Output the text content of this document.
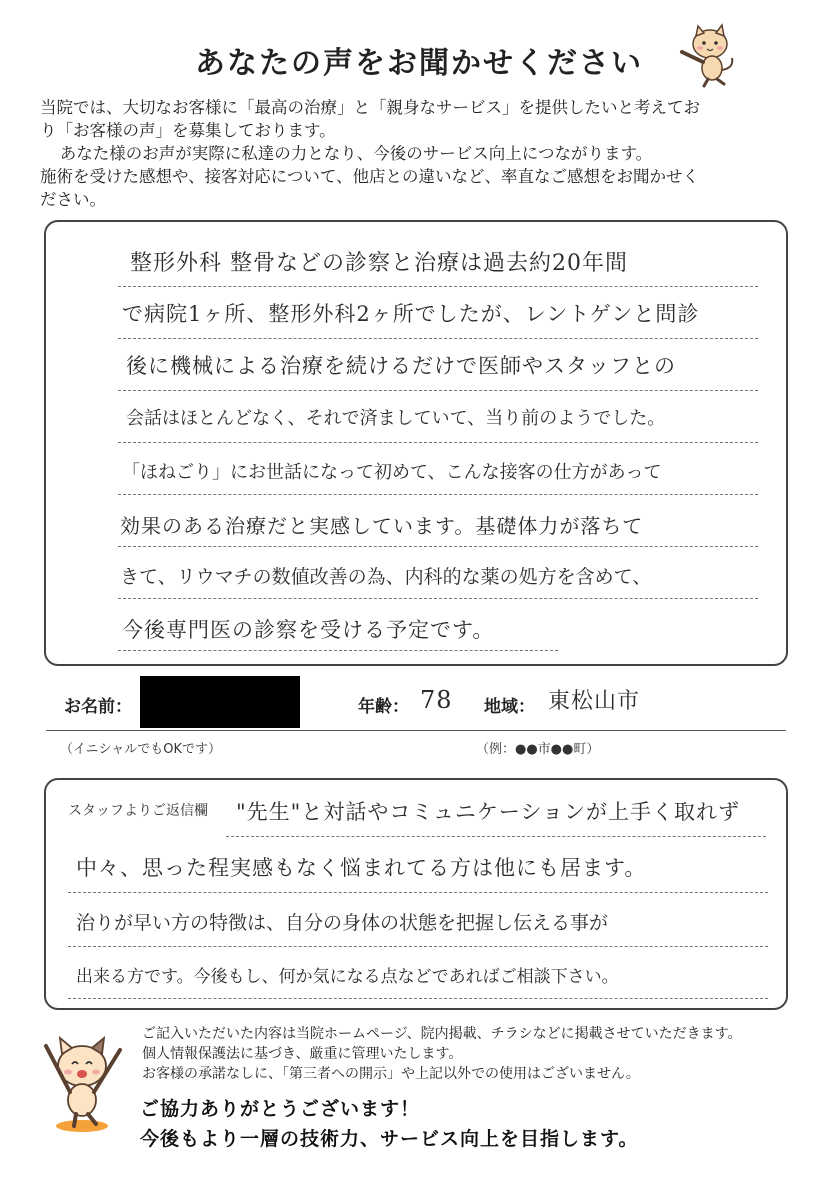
あなたの声をお聞かせください

当院では、大切なお客様に「最高の治療」と「親身なサービス」を提供したいと考えてお

り「お客様の声」を募集しております。

あなた様のお声が実際に私達の力となり、今後のサービス向上につながります。

施術を受けた感想や、接客対応について、他店との違いなど、率直なご感想をお聞かせく

ださい。

整形外科 整骨などの診察と治療は過去約20年間
で病院1ヶ所、整形外科2ヶ所でしたが、レントゲンと問診
後に機械による治療を続けるだけで医師やスタッフとの
会話はほとんどなく、それで済ましていて、当り前のようでした。
「ほねごり」にお世話になって初めて、こんな接客の仕方があって
効果のある治療だと実感しています。基礎体力が落ちて
きて、リウマチの数値改善の為、内科的な薬の処方を含めて、
今後専門医の診察を受ける予定です。
お名前：	年齢： 78 地域： 東松山市
（イニシャルでもOKです）	（例：●●市●●町）
スタッフよりご返信欄 "先生"と対話やコミュニケーションが上手く取れず
中々、思った程実感もなく悩まれてる方は他にも居ます。
治りが早い方の特徴は、自分の身体の状態を把握し伝える事が
出来る方です。今後もし、何か気になる点などであればご相談下さい。
ご記入いただいた内容は当院ホームページ、院内掲載、チラシなどに掲載させていただきます。
個人情報保護法に基づき、厳重に管理いたします。
お客様の承諾なしに、「第三者への開示」や上記以外での使用はございません。
ご協力ありがとうございます！
今後もより一層の技術力、サービス向上を目指します。
